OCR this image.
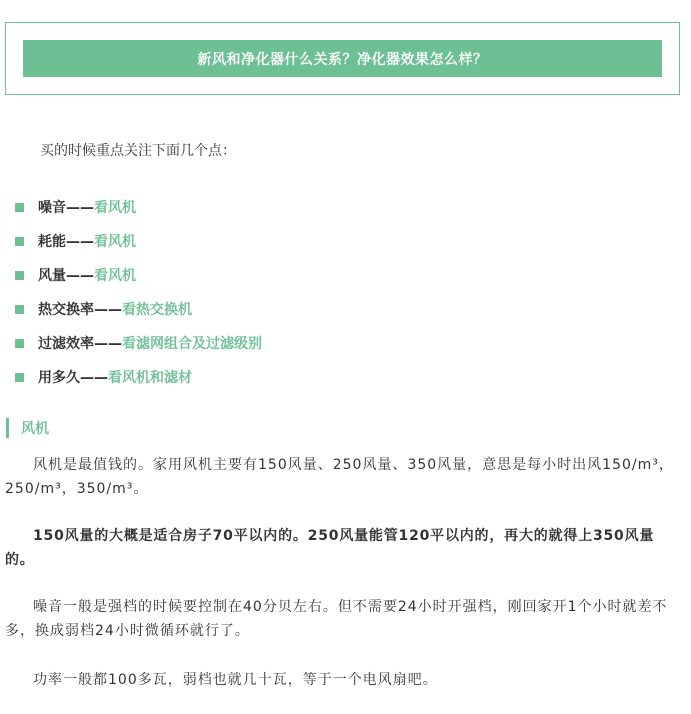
新风和净化器什么关系？净化器效果怎么样？
买的时候重点关注下面几个点：
噪音—— 看风机
耗能—— 看风机
风量—— 看风机
热交换率—— 看热交换机
过滤效率—— 看滤网组合及过滤级别
用多久—— 看风机和滤材
风机

风机是最值钱的。家用风机主要有150风量、250风量、350风量，意思是每小时出风150/m³，250/m³，350/m³。

150风量的大概是适合房子70平以内的。250风量能管120平以内的，再大的就得上350风量的。

噪音一般是强档的时候要控制在40分贝左右。但不需要24小时开强档，刚回家开1个小时就差不多，换成弱档24小时微循环就行了。

功率一般都100多瓦，弱档也就几十瓦，等于一个电风扇吧。
